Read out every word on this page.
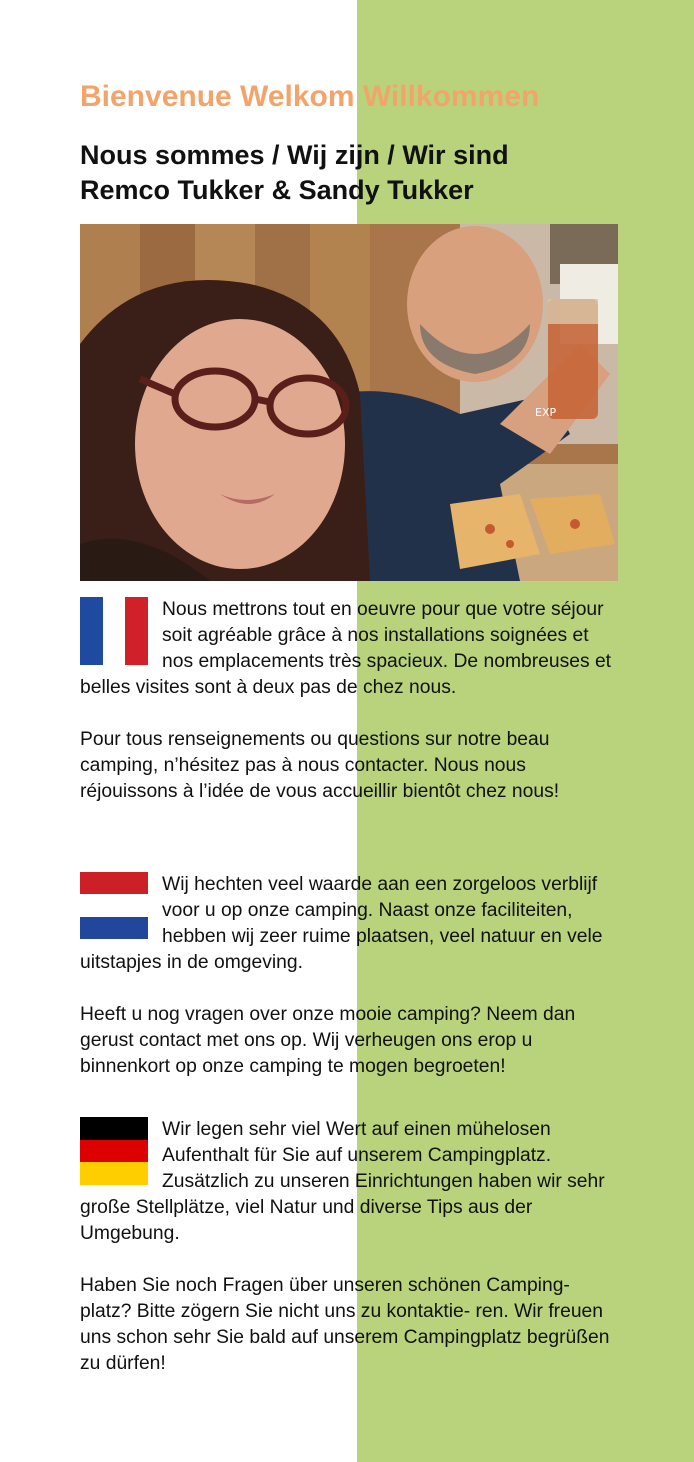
Bienvenue Welkom Willkommen
Nous sommes / Wij zijn / Wir sind
Remco Tukker & Sandy Tukker
EXP

Nous mettrons tout en oeuvre pour que votre séjour soit agréable grâce à nos installations soignées et nos emplacements très spacieux. De nombreuses et belles visites sont à deux pas de chez nous.

Pour tous renseignements ou questions sur notre beau camping, n’hésitez pas à nous contacter. Nous nous réjouissons à l’idée de vous accueillir bientôt chez nous!

Wij hechten veel waarde aan een zorgeloos verblijf voor u op onze camping. Naast onze faciliteiten, hebben wij zeer ruime plaatsen, veel natuur en vele uitstapjes in de omgeving.

Heeft u nog vragen over onze mooie camping? Neem dan gerust contact met ons op. Wij verheugen ons erop u binnenkort op onze camping te mogen begroeten!

Wir legen sehr viel Wert auf einen mühelosen Aufenthalt für Sie auf unserem Campingplatz. Zusätzlich zu unseren Einrichtungen haben wir sehr große Stellplätze, viel Natur und diverse Tips aus der Umgebung.

Haben Sie noch Fragen über unseren schönen Camping- platz? Bitte zögern Sie nicht uns zu kontaktie- ren. Wir freuen uns schon sehr Sie bald auf unserem Campingplatz begrüßen zu dürfen!
